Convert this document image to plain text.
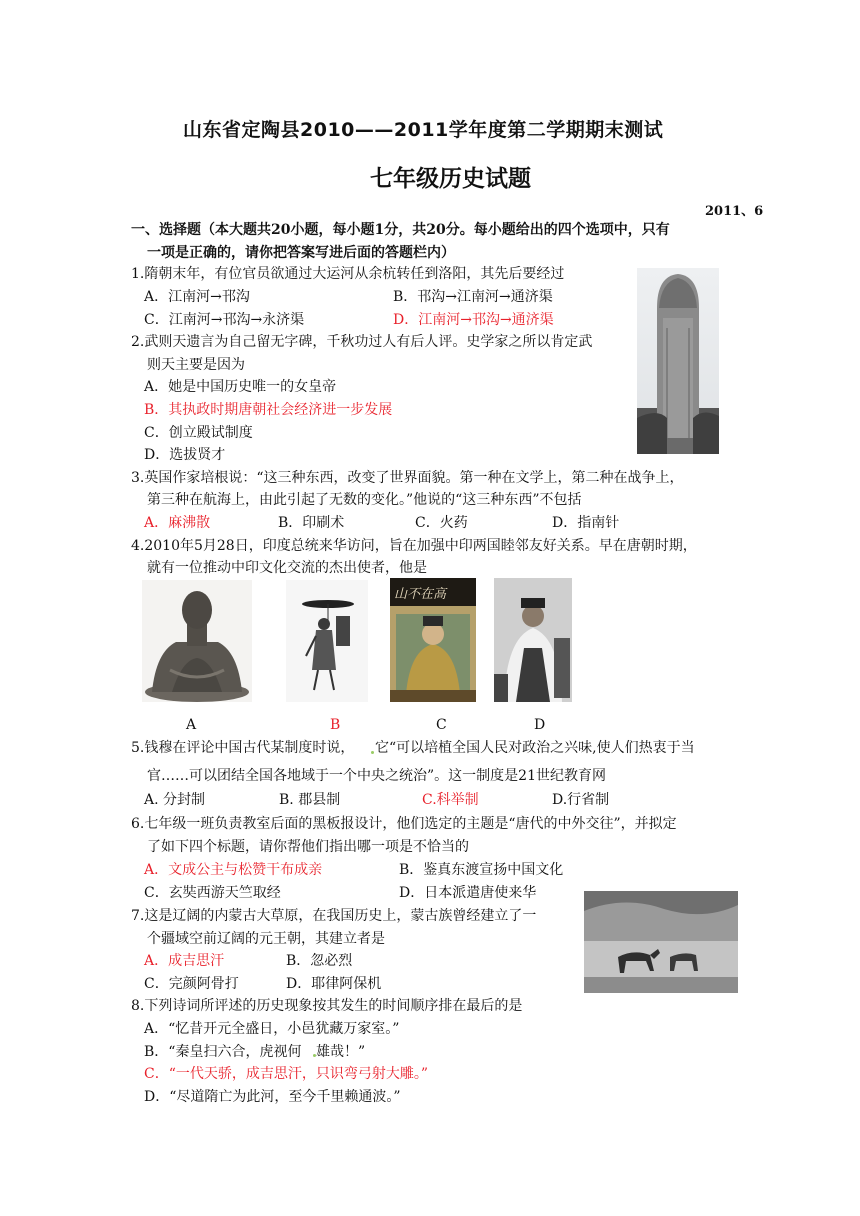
山东省定陶县2010——2011学年度第二学期期末测试
七年级历史试题
2011、6
一、选择题（本大题共20小题，每小题1分，共20分。每小题给出的四个选项中，只有
一项是正确的，请你把答案写进后面的答题栏内）
1.隋朝末年，有位官员欲通过大运河从余杭转任到洛阳，其先后要经过
A．江南河→邗沟	B．邗沟→江南河→通济渠
C．江南河→邗沟→永济渠	D．江南河→邗沟→通济渠
2.武则天遗言为自己留无字碑，千秋功过人有后人评。史学家之所以肯定武
则天主要是因为
A．她是中国历史唯一的女皇帝
B．其执政时期唐朝社会经济进一步发展
C．创立殿试制度
D．选拔贤才
3.英国作家培根说：“这三种东西，改变了世界面貌。第一种在文学上，第二种在战争上，
第三种在航海上，由此引起了无数的变化。”他说的“这三种东西”不包括
A．麻沸散	B．印刷术	C．火药	D．指南针
4.2010年5月28日，印度总统来华访问，旨在加强中印两国睦邻友好关系。早在唐朝时期，
就有一位推动中印文化交流的杰出使者，他是
山不在高
A	B	C	D
5.钱穆在评论中国古代某制度时说， 它“可以培植全国人民对政治之兴味,使人们热衷于当
官……可以团结全国各地域于一个中央之统治”。这一制度是21世纪教育网
A. 分封制	B. 郡县制	C.科举制	D.行省制
6.七年级一班负责教室后面的黑板报设计，他们选定的主题是“唐代的中外交往”，并拟定
了如下四个标题，请你帮他们指出哪一项是不恰当的
A．文成公主与松赞干布成亲	B．鉴真东渡宣扬中国文化
C．玄奘西游天竺取经	D．日本派遣唐使来华
7.这是辽阔的内蒙古大草原，在我国历史上，蒙古族曾经建立了一
个疆域空前辽阔的元王朝，其建立者是
A．成吉思汗	B．忽必烈
C．完颜阿骨打	D．耶律阿保机
8.下列诗词所评述的历史现象按其发生的时间顺序排在最后的是
A．“忆昔开元全盛日，小邑犹藏万家室。”
B．“秦皇扫六合，虎视何 雄哉！”
C．“一代天骄，成吉思汗，只识弯弓射大雕。”
D．“尽道隋亡为此河，至今千里赖通波。”
